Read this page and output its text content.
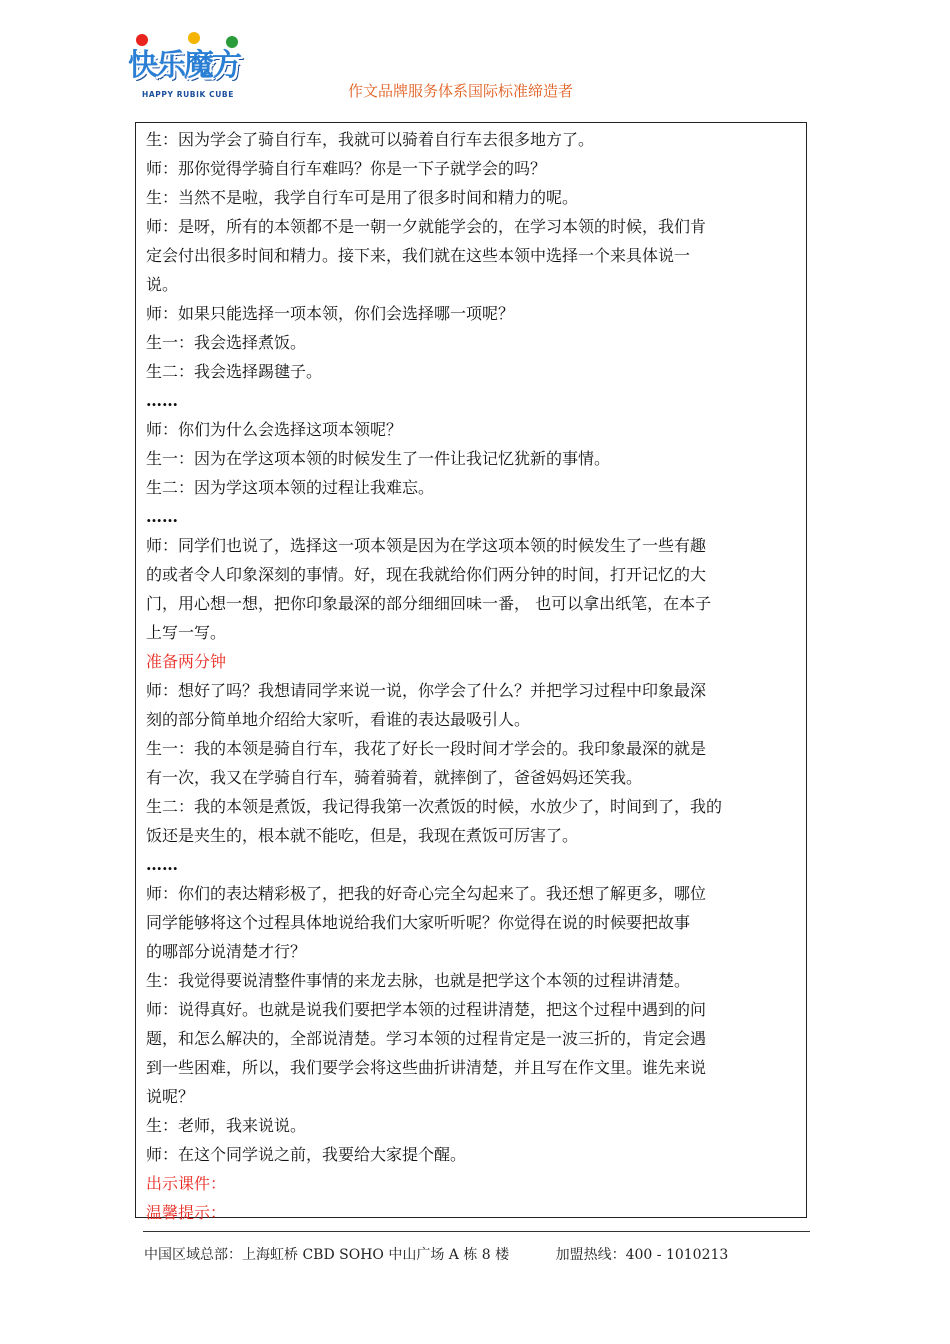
快乐魔方
HAPPY RUBIK CUBE	作文品牌服务体系国际标准缔造者
生：因为学会了骑自行车，我就可以骑着自行车去很多地方了。
师：那你觉得学骑自行车难吗？你是一下子就学会的吗？
生：当然不是啦，我学自行车可是用了很多时间和精力的呢。
师：是呀，所有的本领都不是一朝一夕就能学会的，在学习本领的时候，我们肯
定会付出很多时间和精力。接下来，我们就在这些本领中选择一个来具体说一
说。
师：如果只能选择一项本领，你们会选择哪一项呢？
生一：我会选择煮饭。
生二：我会选择踢毽子。
……
师：你们为什么会选择这项本领呢？
生一：因为在学这项本领的时候发生了一件让我记忆犹新的事情。
生二：因为学这项本领的过程让我难忘。
……
师：同学们也说了，选择这一项本领是因为在学这项本领的时候发生了一些有趣
的或者令人印象深刻的事情。好，现在我就给你们两分钟的时间，打开记忆的大
门，用心想一想，把你印象最深的部分细细回味一番， 也可以拿出纸笔，在本子
上写一写。
准备两分钟
师：想好了吗？我想请同学来说一说，你学会了什么？并把学习过程中印象最深
刻的部分简单地介绍给大家听，看谁的表达最吸引人。
生一：我的本领是骑自行车，我花了好长一段时间才学会的。我印象最深的就是
有一次，我又在学骑自行车，骑着骑着，就摔倒了，爸爸妈妈还笑我。
生二：我的本领是煮饭，我记得我第一次煮饭的时候，水放少了，时间到了，我的
饭还是夹生的，根本就不能吃，但是，我现在煮饭可厉害了。
……
师：你们的表达精彩极了，把我的好奇心完全勾起来了。我还想了解更多，哪位
同学能够将这个过程具体地说给我们大家听听呢？你觉得在说的时候要把故事
的哪部分说清楚才行？
生：我觉得要说清整件事情的来龙去脉，也就是把学这个本领的过程讲清楚。
师：说得真好。也就是说我们要把学本领的过程讲清楚，把这个过程中遇到的问
题，和怎么解决的，全部说清楚。学习本领的过程肯定是一波三折的，肯定会遇
到一些困难，所以，我们要学会将这些曲折讲清楚，并且写在作文里。谁先来说
说呢？
生：老师，我来说说。
师：在这个同学说之前，我要给大家提个醒。
出示课件：
温馨提示：
中国区域总部：上海虹桥 CBD SOHO 中山广场 A 栋 8 楼	加盟热线：400 - 1010213
